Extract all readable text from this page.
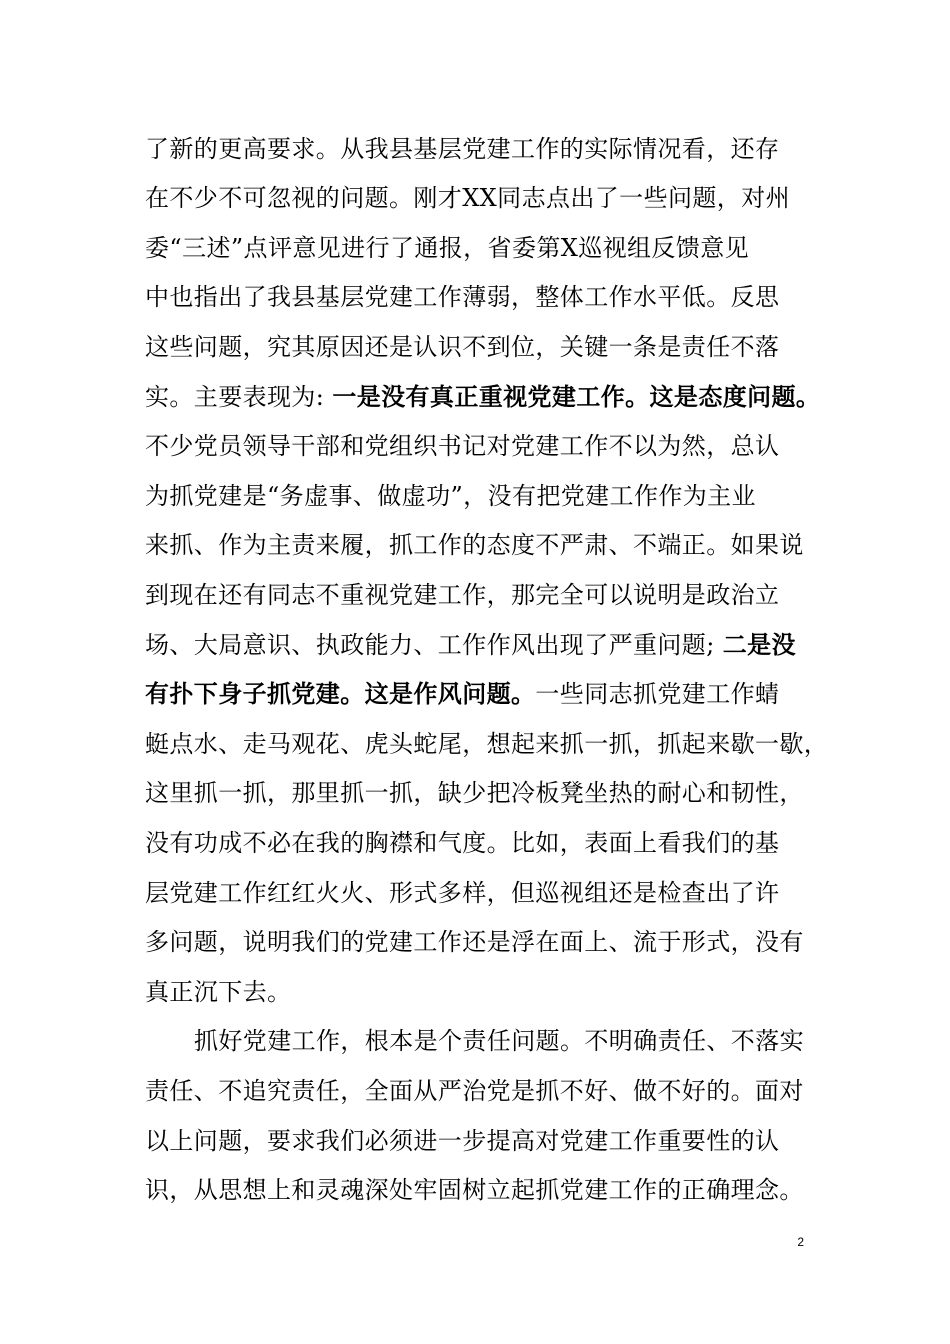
了新的更高要求。从我县基层党建工作的实际情况看，还存
在不少不可忽视的问题。刚才XX同志点出了一些问题，对州
委“三述”点评意见进行了通报，省委第X巡视组反馈意见
中也指出了我县基层党建工作薄弱，整体工作水平低。反思
这些问题，究其原因还是认识不到位，关键一条是责任不落
实。主要表现为: 一是没有真正重视党建工作。这是态度问题。
不少党员领导干部和党组织书记对党建工作不以为然，总认
为抓党建是“务虚事、做虚功”，没有把党建工作作为主业
来抓、作为主责来履，抓工作的态度不严肃、不端正。如果说
到现在还有同志不重视党建工作，那完全可以说明是政治立
场、大局意识、执政能力、工作作风出现了严重问题; 二是没
有扑下身子抓党建。这是作风问题。一些同志抓党建工作蜻
蜓点水、走马观花、虎头蛇尾，想起来抓一抓，抓起来歇一歇，
这里抓一抓，那里抓一抓，缺少把冷板凳坐热的耐心和韧性，
没有功成不必在我的胸襟和气度。比如，表面上看我们的基
层党建工作红红火火、形式多样，但巡视组还是检查出了许
多问题，说明我们的党建工作还是浮在面上、流于形式，没有
真正沉下去。
抓好党建工作，根本是个责任问题。不明确责任、不落实
责任、不追究责任，全面从严治党是抓不好、做不好的。面对
以上问题，要求我们必须进一步提高对党建工作重要性的认
识，从思想上和灵魂深处牢固树立起抓党建工作的正确理念。
2
